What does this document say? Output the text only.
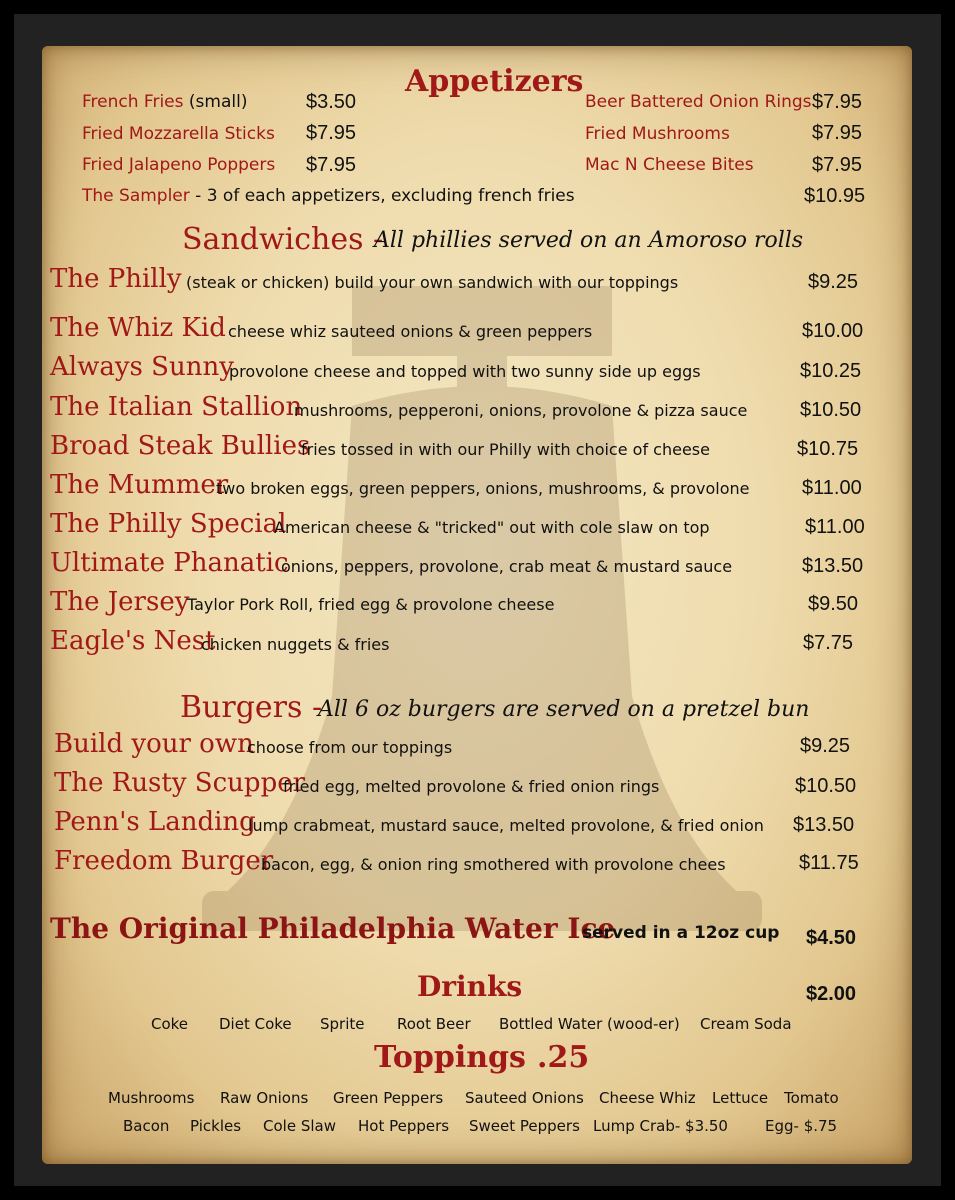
Appetizers
French Fries (small)	$3.50
Fried Mozzarella Sticks $7.95
Fried Jalapeno Poppers $7.95
Beer Battered Onion Rings $7.95
Fried Mushrooms	$7.95
Mac N Cheese Bites	$7.95
The Sampler - 3 of each appetizers, excluding french fries	$10.95
Sandwiches -
All phillies served on an Amoroso rolls
The Philly (steak or chicken) build your own sandwich with our toppings	$9.25
The Whiz Kid cheese whiz sauteed onions & green peppers	$10.00
Always Sunny
provolone cheese and topped with two sunny side up eggs	$10.25
The Italian Stallion
mushrooms, pepperoni, onions, provolone & pizza sauce	$10.50
Broad Steak Bullies
fries tossed in with our Philly with choice of cheese	$10.75
The Mummer
two broken eggs, green peppers, onions, mushrooms, & provolone	$11.00
The Philly Special
American cheese & "tricked" out with cole slaw on top	$11.00
Ultimate Phanatic
onions, peppers, provolone, crab meat & mustard sauce	$13.50
The Jersey
Taylor Pork Roll, fried egg & provolone cheese	$9.50
Eagle's Nest
chicken nuggets & fries	$7.75
Burgers -
All 6 oz burgers are served on a pretzel bun
Build your own
choose from our toppings	$9.25
The Rusty Scupper
fried egg, melted provolone & fried onion rings	$10.50
Penn's Landing
lump crabmeat, mustard sauce, melted provolone, & fried onion $13.50
Freedom Burger
bacon, egg, & onion ring smothered with provolone chees	$11.75
The Original Philadelphia Water Ice
served in a 12oz cup $4.50
Drinks	$2.00
Coke Diet Coke Sprite Root Beer Bottled Water (wood-er) Cream Soda
Toppings .25
Mushrooms Raw Onions Green Peppers Sauteed Onions Cheese Whiz Lettuce Tomato
Bacon Pickles Cole Slaw Hot Peppers Sweet Peppers Lump Crab- $3.50 Egg- $.75
